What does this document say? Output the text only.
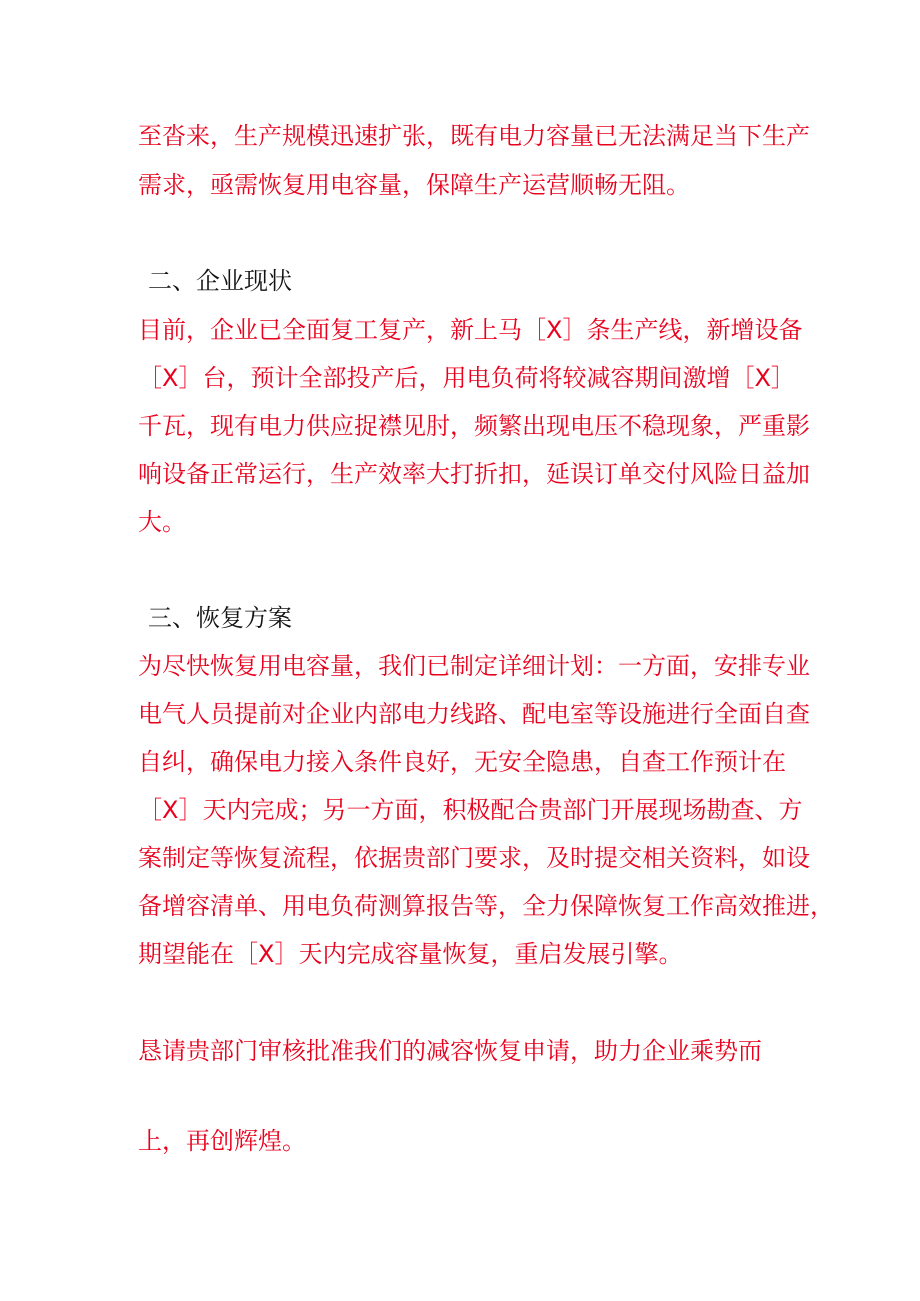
至沓来，生产规模迅速扩张，既有电力容量已无法满足当下生产

需求，亟需恢复用电容量，保障生产运营顺畅无阻。

二、企业现状

目前，企业已全面复工复产，新上马［X］条生产线，新增设备

［X］台，预计全部投产后，用电负荷将较减容期间激增［X］

千瓦，现有电力供应捉襟见肘，频繁出现电压不稳现象，严重影

响设备正常运行，生产效率大打折扣，延误订单交付风险日益加

大。

三、恢复方案

为尽快恢复用电容量，我们已制定详细计划：一方面，安排专业

电气人员提前对企业内部电力线路、配电室等设施进行全面自查

自纠，确保电力接入条件良好，无安全隐患，自查工作预计在

［X］天内完成；另一方面，积极配合贵部门开展现场勘查、方

案制定等恢复流程，依据贵部门要求，及时提交相关资料，如设

备增容清单、用电负荷测算报告等，全力保障恢复工作高效推进，

期望能在［X］天内完成容量恢复，重启发展引擎。

恳请贵部门审核批准我们的减容恢复申请，助力企业乘势而

上，再创辉煌。
